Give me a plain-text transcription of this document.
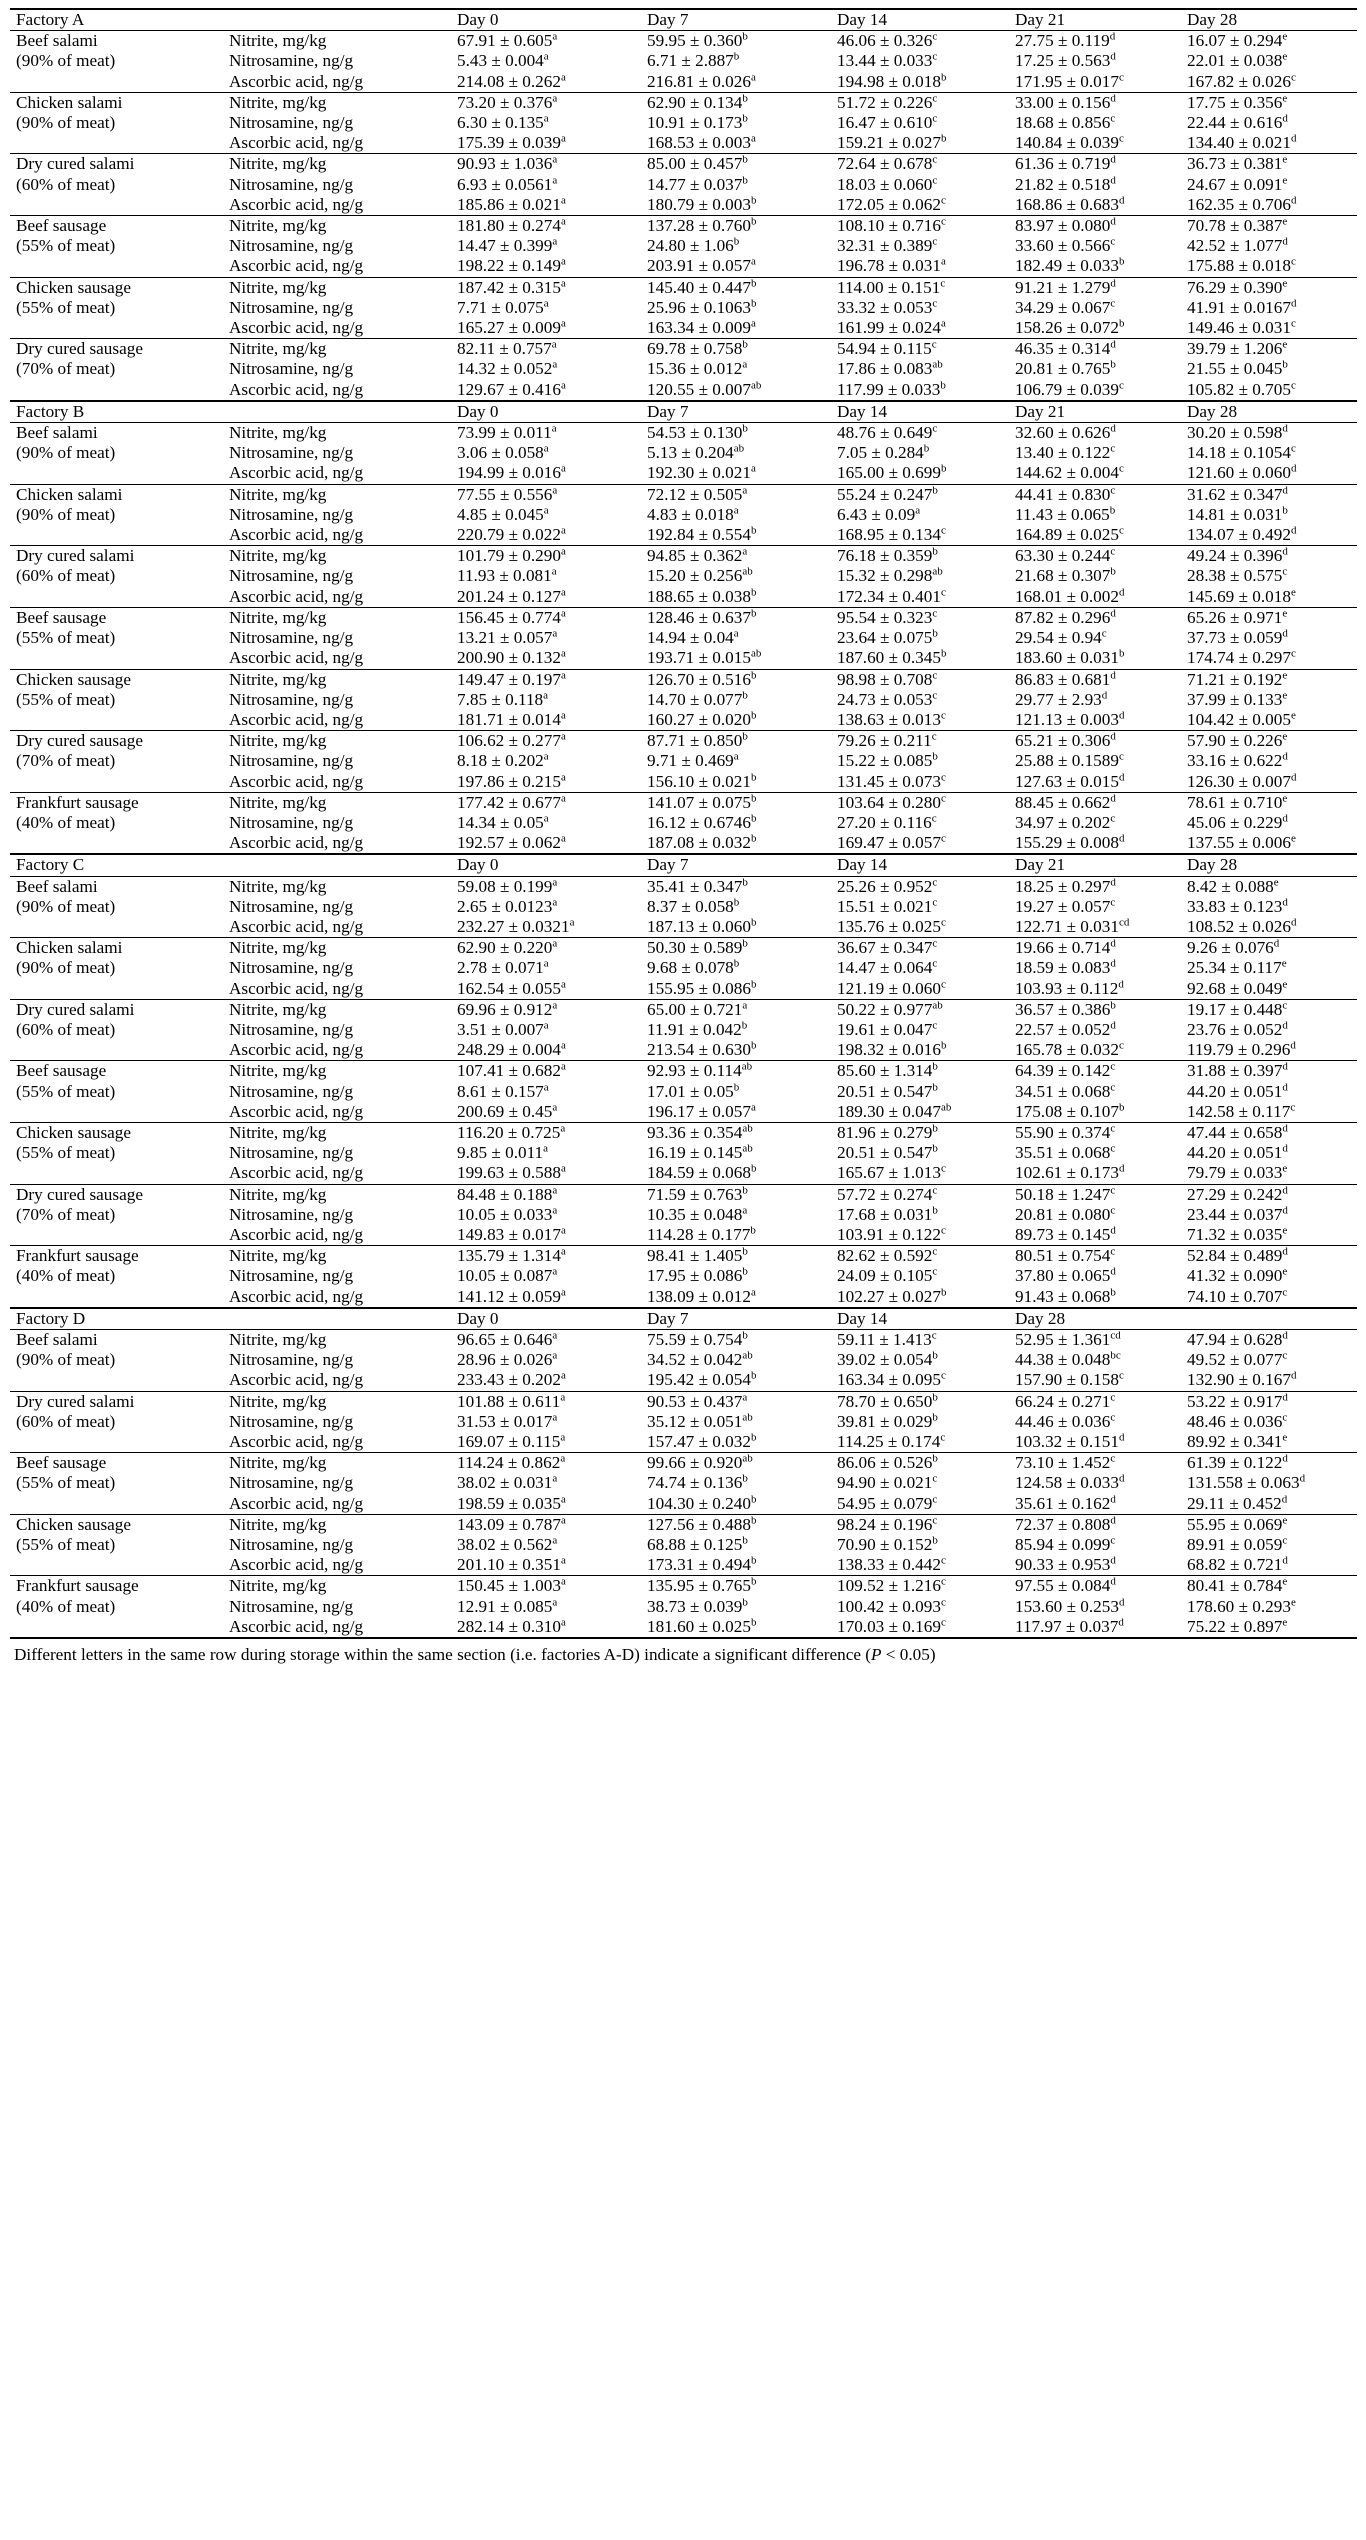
Factory A		Day 0	Day 7	Day 14	Day 21	Day 28
Beef salami	Nitrite, mg/kg	67.91 ± 0.605$^a$	59.95 ± 0.360$^b$	46.06 ± 0.326$^c$	27.75 ± 0.119$^d$	16.07 ± 0.294$^e$
(90% of meat)	Nitrosamine, ng/g	5.43 ± 0.004$^a$	6.71 ± 2.887$^b$	13.44 ± 0.033$^c$	17.25 ± 0.563$^d$	22.01 ± 0.038$^e$
	Ascorbic acid, ng/g	214.08 ± 0.262$^a$	216.81 ± 0.026$^a$	194.98 ± 0.018$^b$	171.95 ± 0.017$^c$	167.82 ± 0.026$^c$
Chicken salami	Nitrite, mg/kg	73.20 ± 0.376$^a$	62.90 ± 0.134$^b$	51.72 ± 0.226$^c$	33.00 ± 0.156$^d$	17.75 ± 0.356$^e$
(90% of meat)	Nitrosamine, ng/g	6.30 ± 0.135$^a$	10.91 ± 0.173$^b$	16.47 ± 0.610$^c$	18.68 ± 0.856$^c$	22.44 ± 0.616$^d$
	Ascorbic acid, ng/g	175.39 ± 0.039$^a$	168.53 ± 0.003$^a$	159.21 ± 0.027$^b$	140.84 ± 0.039$^c$	134.40 ± 0.021$^d$
Dry cured salami	Nitrite, mg/kg	90.93 ± 1.036$^a$	85.00 ± 0.457$^b$	72.64 ± 0.678$^c$	61.36 ± 0.719$^d$	36.73 ± 0.381$^e$
(60% of meat)	Nitrosamine, ng/g	6.93 ± 0.0561$^a$	14.77 ± 0.037$^b$	18.03 ± 0.060$^c$	21.82 ± 0.518$^d$	24.67 ± 0.091$^e$
	Ascorbic acid, ng/g	185.86 ± 0.021$^a$	180.79 ± 0.003$^b$	172.05 ± 0.062$^c$	168.86 ± 0.683$^d$	162.35 ± 0.706$^d$
Beef sausage	Nitrite, mg/kg	181.80 ± 0.274$^a$	137.28 ± 0.760$^b$	108.10 ± 0.716$^c$	83.97 ± 0.080$^d$	70.78 ± 0.387$^e$
(55% of meat)	Nitrosamine, ng/g	14.47 ± 0.399$^a$	24.80 ± 1.06$^b$	32.31 ± 0.389$^c$	33.60 ± 0.566$^c$	42.52 ± 1.077$^d$
	Ascorbic acid, ng/g	198.22 ± 0.149$^a$	203.91 ± 0.057$^a$	196.78 ± 0.031$^a$	182.49 ± 0.033$^b$	175.88 ± 0.018$^c$
Chicken sausage	Nitrite, mg/kg	187.42 ± 0.315$^a$	145.40 ± 0.447$^b$	114.00 ± 0.151$^c$	91.21 ± 1.279$^d$	76.29 ± 0.390$^e$
(55% of meat)	Nitrosamine, ng/g	7.71 ± 0.075$^a$	25.96 ± 0.1063$^b$	33.32 ± 0.053$^c$	34.29 ± 0.067$^c$	41.91 ± 0.0167$^d$
	Ascorbic acid, ng/g	165.27 ± 0.009$^a$	163.34 ± 0.009$^a$	161.99 ± 0.024$^a$	158.26 ± 0.072$^b$	149.46 ± 0.031$^c$
Dry cured sausage	Nitrite, mg/kg	82.11 ± 0.757$^a$	69.78 ± 0.758$^b$	54.94 ± 0.115$^c$	46.35 ± 0.314$^d$	39.79 ± 1.206$^e$
(70% of meat)	Nitrosamine, ng/g	14.32 ± 0.052$^a$	15.36 ± 0.012$^a$	17.86 ± 0.083$^{ab}$	20.81 ± 0.765$^b$	21.55 ± 0.045$^b$
	Ascorbic acid, ng/g	129.67 ± 0.416$^a$	120.55 ± 0.007$^{ab}$	117.99 ± 0.033$^b$	106.79 ± 0.039$^c$	105.82 ± 0.705$^c$
Factory B		Day 0	Day 7	Day 14	Day 21	Day 28
Beef salami	Nitrite, mg/kg	73.99 ± 0.011$^a$	54.53 ± 0.130$^b$	48.76 ± 0.649$^c$	32.60 ± 0.626$^d$	30.20 ± 0.598$^d$
(90% of meat)	Nitrosamine, ng/g	3.06 ± 0.058$^a$	5.13 ± 0.204$^{ab}$	7.05 ± 0.284$^b$	13.40 ± 0.122$^c$	14.18 ± 0.1054$^c$
	Ascorbic acid, ng/g	194.99 ± 0.016$^a$	192.30 ± 0.021$^a$	165.00 ± 0.699$^b$	144.62 ± 0.004$^c$	121.60 ± 0.060$^d$
Chicken salami	Nitrite, mg/kg	77.55 ± 0.556$^a$	72.12 ± 0.505$^a$	55.24 ± 0.247$^b$	44.41 ± 0.830$^c$	31.62 ± 0.347$^d$
(90% of meat)	Nitrosamine, ng/g	4.85 ± 0.045$^a$	4.83 ± 0.018$^a$	6.43 ± 0.09$^a$	11.43 ± 0.065$^b$	14.81 ± 0.031$^b$
	Ascorbic acid, ng/g	220.79 ± 0.022$^a$	192.84 ± 0.554$^b$	168.95 ± 0.134$^c$	164.89 ± 0.025$^c$	134.07 ± 0.492$^d$
Dry cured salami	Nitrite, mg/kg	101.79 ± 0.290$^a$	94.85 ± 0.362$^a$	76.18 ± 0.359$^b$	63.30 ± 0.244$^c$	49.24 ± 0.396$^d$
(60% of meat)	Nitrosamine, ng/g	11.93 ± 0.081$^a$	15.20 ± 0.256$^{ab}$	15.32 ± 0.298$^{ab}$	21.68 ± 0.307$^b$	28.38 ± 0.575$^c$
	Ascorbic acid, ng/g	201.24 ± 0.127$^a$	188.65 ± 0.038$^b$	172.34 ± 0.401$^c$	168.01 ± 0.002$^d$	145.69 ± 0.018$^e$
Beef sausage	Nitrite, mg/kg	156.45 ± 0.774$^a$	128.46 ± 0.637$^b$	95.54 ± 0.323$^c$	87.82 ± 0.296$^d$	65.26 ± 0.971$^e$
(55% of meat)	Nitrosamine, ng/g	13.21 ± 0.057$^a$	14.94 ± 0.04$^a$	23.64 ± 0.075$^b$	29.54 ± 0.94$^c$	37.73 ± 0.059$^d$
	Ascorbic acid, ng/g	200.90 ± 0.132$^a$	193.71 ± 0.015$^{ab}$	187.60 ± 0.345$^b$	183.60 ± 0.031$^b$	174.74 ± 0.297$^c$
Chicken sausage	Nitrite, mg/kg	149.47 ± 0.197$^a$	126.70 ± 0.516$^b$	98.98 ± 0.708$^c$	86.83 ± 0.681$^d$	71.21 ± 0.192$^e$
(55% of meat)	Nitrosamine, ng/g	7.85 ± 0.118$^a$	14.70 ± 0.077$^b$	24.73 ± 0.053$^c$	29.77 ± 2.93$^d$	37.99 ± 0.133$^e$
	Ascorbic acid, ng/g	181.71 ± 0.014$^a$	160.27 ± 0.020$^b$	138.63 ± 0.013$^c$	121.13 ± 0.003$^d$	104.42 ± 0.005$^e$
Dry cured sausage	Nitrite, mg/kg	106.62 ± 0.277$^a$	87.71 ± 0.850$^b$	79.26 ± 0.211$^c$	65.21 ± 0.306$^d$	57.90 ± 0.226$^e$
(70% of meat)	Nitrosamine, ng/g	8.18 ± 0.202$^a$	9.71 ± 0.469$^a$	15.22 ± 0.085$^b$	25.88 ± 0.1589$^c$	33.16 ± 0.622$^d$
	Ascorbic acid, ng/g	197.86 ± 0.215$^a$	156.10 ± 0.021$^b$	131.45 ± 0.073$^c$	127.63 ± 0.015$^d$	126.30 ± 0.007$^d$
Frankfurt sausage	Nitrite, mg/kg	177.42 ± 0.677$^a$	141.07 ± 0.075$^b$	103.64 ± 0.280$^c$	88.45 ± 0.662$^d$	78.61 ± 0.710$^e$
(40% of meat)	Nitrosamine, ng/g	14.34 ± 0.05$^a$	16.12 ± 0.6746$^b$	27.20 ± 0.116$^c$	34.97 ± 0.202$^c$	45.06 ± 0.229$^d$
	Ascorbic acid, ng/g	192.57 ± 0.062$^a$	187.08 ± 0.032$^b$	169.47 ± 0.057$^c$	155.29 ± 0.008$^d$	137.55 ± 0.006$^e$
Factory C		Day 0	Day 7	Day 14	Day 21	Day 28
Beef salami	Nitrite, mg/kg	59.08 ± 0.199$^a$	35.41 ± 0.347$^b$	25.26 ± 0.952$^c$	18.25 ± 0.297$^d$	8.42 ± 0.088$^e$
(90% of meat)	Nitrosamine, ng/g	2.65 ± 0.0123$^a$	8.37 ± 0.058$^b$	15.51 ± 0.021$^c$	19.27 ± 0.057$^c$	33.83 ± 0.123$^d$
	Ascorbic acid, ng/g	232.27 ± 0.0321$^a$	187.13 ± 0.060$^b$	135.76 ± 0.025$^c$	122.71 ± 0.031$^{cd}$	108.52 ± 0.026$^d$
Chicken salami	Nitrite, mg/kg	62.90 ± 0.220$^a$	50.30 ± 0.589$^b$	36.67 ± 0.347$^c$	19.66 ± 0.714$^d$	9.26 ± 0.076$^d$
(90% of meat)	Nitrosamine, ng/g	2.78 ± 0.071$^a$	9.68 ± 0.078$^b$	14.47 ± 0.064$^c$	18.59 ± 0.083$^d$	25.34 ± 0.117$^e$
	Ascorbic acid, ng/g	162.54 ± 0.055$^a$	155.95 ± 0.086$^b$	121.19 ± 0.060$^c$	103.93 ± 0.112$^d$	92.68 ± 0.049$^e$
Dry cured salami	Nitrite, mg/kg	69.96 ± 0.912$^a$	65.00 ± 0.721$^a$	50.22 ± 0.977$^{ab}$	36.57 ± 0.386$^b$	19.17 ± 0.448$^c$
(60% of meat)	Nitrosamine, ng/g	3.51 ± 0.007$^a$	11.91 ± 0.042$^b$	19.61 ± 0.047$^c$	22.57 ± 0.052$^d$	23.76 ± 0.052$^d$
	Ascorbic acid, ng/g	248.29 ± 0.004$^a$	213.54 ± 0.630$^b$	198.32 ± 0.016$^b$	165.78 ± 0.032$^c$	119.79 ± 0.296$^d$
Beef sausage	Nitrite, mg/kg	107.41 ± 0.682$^a$	92.93 ± 0.114$^{ab}$	85.60 ± 1.314$^b$	64.39 ± 0.142$^c$	31.88 ± 0.397$^d$
(55% of meat)	Nitrosamine, ng/g	8.61 ± 0.157$^a$	17.01 ± 0.05$^b$	20.51 ± 0.547$^b$	34.51 ± 0.068$^c$	44.20 ± 0.051$^d$
	Ascorbic acid, ng/g	200.69 ± 0.45$^a$	196.17 ± 0.057$^a$	189.30 ± 0.047$^{ab}$	175.08 ± 0.107$^b$	142.58 ± 0.117$^c$
Chicken sausage	Nitrite, mg/kg	116.20 ± 0.725$^a$	93.36 ± 0.354$^{ab}$	81.96 ± 0.279$^b$	55.90 ± 0.374$^c$	47.44 ± 0.658$^d$
(55% of meat)	Nitrosamine, ng/g	9.85 ± 0.011$^a$	16.19 ± 0.145$^{ab}$	20.51 ± 0.547$^b$	35.51 ± 0.068$^c$	44.20 ± 0.051$^d$
	Ascorbic acid, ng/g	199.63 ± 0.588$^a$	184.59 ± 0.068$^b$	165.67 ± 1.013$^c$	102.61 ± 0.173$^d$	79.79 ± 0.033$^e$
Dry cured sausage	Nitrite, mg/kg	84.48 ± 0.188$^a$	71.59 ± 0.763$^b$	57.72 ± 0.274$^c$	50.18 ± 1.247$^c$	27.29 ± 0.242$^d$
(70% of meat)	Nitrosamine, ng/g	10.05 ± 0.033$^a$	10.35 ± 0.048$^a$	17.68 ± 0.031$^b$	20.81 ± 0.080$^c$	23.44 ± 0.037$^d$
	Ascorbic acid, ng/g	149.83 ± 0.017$^a$	114.28 ± 0.177$^b$	103.91 ± 0.122$^c$	89.73 ± 0.145$^d$	71.32 ± 0.035$^e$
Frankfurt sausage	Nitrite, mg/kg	135.79 ± 1.314$^a$	98.41 ± 1.405$^b$	82.62 ± 0.592$^c$	80.51 ± 0.754$^c$	52.84 ± 0.489$^d$
(40% of meat)	Nitrosamine, ng/g	10.05 ± 0.087$^a$	17.95 ± 0.086$^b$	24.09 ± 0.105$^c$	37.80 ± 0.065$^d$	41.32 ± 0.090$^e$
	Ascorbic acid, ng/g	141.12 ± 0.059$^a$	138.09 ± 0.012$^a$	102.27 ± 0.027$^b$	91.43 ± 0.068$^b$	74.10 ± 0.707$^c$
Factory D		Day 0	Day 7	Day 14	Day 28	
Beef salami	Nitrite, mg/kg	96.65 ± 0.646$^a$	75.59 ± 0.754$^b$	59.11 ± 1.413$^c$	52.95 ± 1.361$^{cd}$	47.94 ± 0.628$^d$
(90% of meat)	Nitrosamine, ng/g	28.96 ± 0.026$^a$	34.52 ± 0.042$^{ab}$	39.02 ± 0.054$^b$	44.38 ± 0.048$^{bc}$	49.52 ± 0.077$^c$
	Ascorbic acid, ng/g	233.43 ± 0.202$^a$	195.42 ± 0.054$^b$	163.34 ± 0.095$^c$	157.90 ± 0.158$^c$	132.90 ± 0.167$^d$
Dry cured salami	Nitrite, mg/kg	101.88 ± 0.611$^a$	90.53 ± 0.437$^a$	78.70 ± 0.650$^b$	66.24 ± 0.271$^c$	53.22 ± 0.917$^d$
(60% of meat)	Nitrosamine, ng/g	31.53 ± 0.017$^a$	35.12 ± 0.051$^{ab}$	39.81 ± 0.029$^b$	44.46 ± 0.036$^c$	48.46 ± 0.036$^c$
	Ascorbic acid, ng/g	169.07 ± 0.115$^a$	157.47 ± 0.032$^b$	114.25 ± 0.174$^c$	103.32 ± 0.151$^d$	89.92 ± 0.341$^e$
Beef sausage	Nitrite, mg/kg	114.24 ± 0.862$^a$	99.66 ± 0.920$^{ab}$	86.06 ± 0.526$^b$	73.10 ± 1.452$^c$	61.39 ± 0.122$^d$
(55% of meat)	Nitrosamine, ng/g	38.02 ± 0.031$^a$	74.74 ± 0.136$^b$	94.90 ± 0.021$^c$	124.58 ± 0.033$^d$	131.558 ± 0.063$^d$
	Ascorbic acid, ng/g	198.59 ± 0.035$^a$	104.30 ± 0.240$^b$	54.95 ± 0.079$^c$	35.61 ± 0.162$^d$	29.11 ± 0.452$^d$
Chicken sausage	Nitrite, mg/kg	143.09 ± 0.787$^a$	127.56 ± 0.488$^b$	98.24 ± 0.196$^c$	72.37 ± 0.808$^d$	55.95 ± 0.069$^e$
(55% of meat)	Nitrosamine, ng/g	38.02 ± 0.562$^a$	68.88 ± 0.125$^b$	70.90 ± 0.152$^b$	85.94 ± 0.099$^c$	89.91 ± 0.059$^c$
	Ascorbic acid, ng/g	201.10 ± 0.351$^a$	173.31 ± 0.494$^b$	138.33 ± 0.442$^c$	90.33 ± 0.953$^d$	68.82 ± 0.721$^d$
Frankfurt sausage	Nitrite, mg/kg	150.45 ± 1.003$^a$	135.95 ± 0.765$^b$	109.52 ± 1.216$^c$	97.55 ± 0.084$^d$	80.41 ± 0.784$^e$
(40% of meat)	Nitrosamine, ng/g	12.91 ± 0.085$^a$	38.73 ± 0.039$^b$	100.42 ± 0.093$^c$	153.60 ± 0.253$^d$	178.60 ± 0.293$^e$
	Ascorbic acid, ng/g	282.14 ± 0.310$^a$	181.60 ± 0.025$^b$	170.03 ± 0.169$^c$	117.97 ± 0.037$^d$	75.22 ± 0.897$^e$
Different letters in the same row during storage within the same section (i.e. factories A-D) indicate a significant difference (P < 0.05)
